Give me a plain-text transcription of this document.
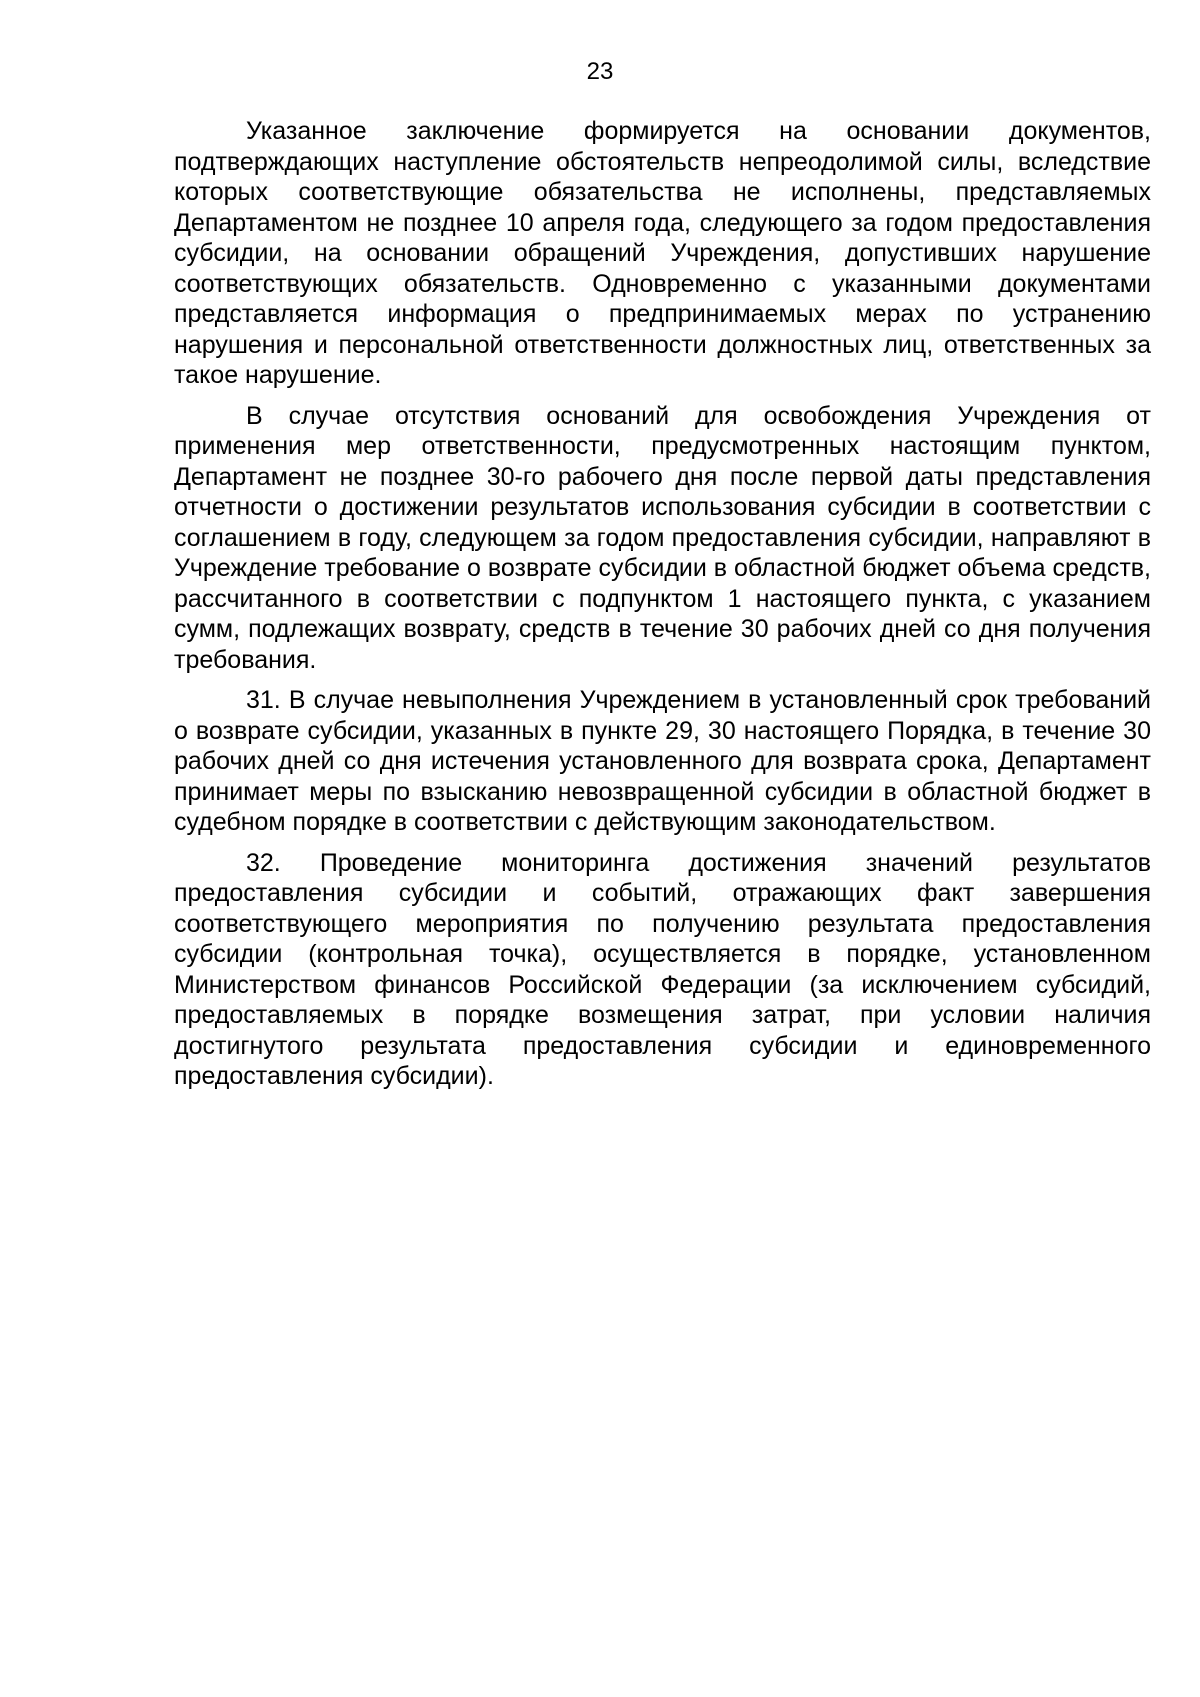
23

Указанное заключение формируется на основании документов, подтверждающих наступление обстоятельств непреодолимой силы, вследствие которых соответствующие обязательства не исполнены, представляемых Департаментом не позднее 10 апреля года, следующего за годом предоставления субсидии, на основании обращений Учреждения, допустивших нарушение соответствующих обязательств. Одновременно с указанными документами представляется информация о предпринимаемых мерах по устранению нарушения и персональной ответственности должностных лиц, ответственных за такое нарушение.

В случае отсутствия оснований для освобождения Учреждения от применения мер ответственности, предусмотренных настоящим пунктом, Департамент не позднее 30-го рабочего дня после первой даты представления отчетности о достижении результатов использования субсидии в соответствии с соглашением в году, следующем за годом предоставления субсидии, направляют в Учреждение требование о возврате субсидии в областной бюджет объема средств, рассчитанного в соответствии с подпунктом 1 настоящего пункта, с указанием сумм, подлежащих возврату, средств в течение 30 рабочих дней со дня получения требования.

31. В случае невыполнения Учреждением в установленный срок требований о возврате субсидии, указанных в пункте 29, 30 настоящего Порядка, в течение 30 рабочих дней со дня истечения установленного для возврата срока, Департамент принимает меры по взысканию невозвращенной субсидии в областной бюджет в судебном порядке в соответствии с действующим законодательством.

32. Проведение мониторинга достижения значений результатов предоставления субсидии и событий, отражающих факт завершения соответствующего мероприятия по получению результата предоставления субсидии (контрольная точка), осуществляется в порядке, установленном Министерством финансов Российской Федерации (за исключением субсидий, предоставляемых в порядке возмещения затрат, при условии наличия достигнутого результата предоставления субсидии и единовременного предоставления субсидии).
